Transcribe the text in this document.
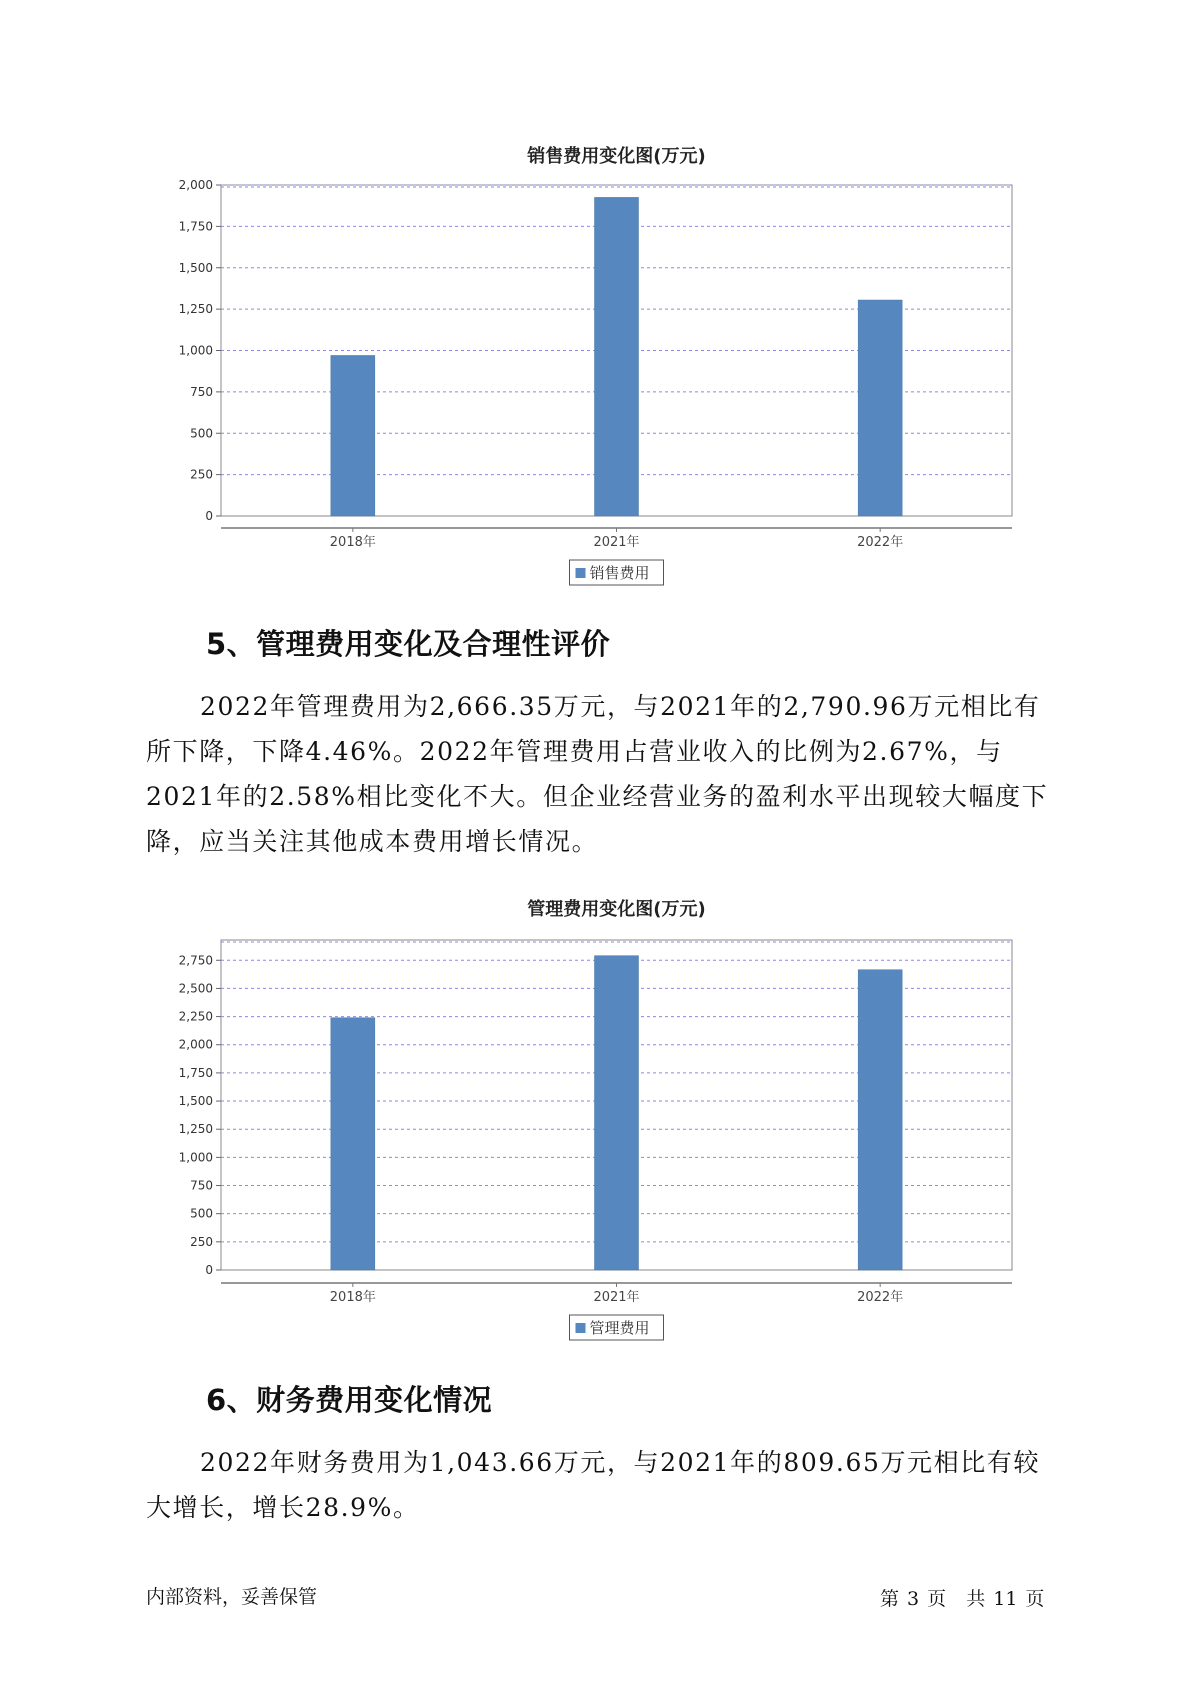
销售费用变化图(万元)
0
250
500
750
1,000
1,250
1,500
1,750
2,000
2018年	2021年	2022年
销售费用
5、管理费用变化及合理性评价

2022年管理费用为2,666.35万元，与2021年的2,790.96万元相比有所下降，下降4.46%。2022年管理费用占营业收入的比例为2.67%，与2021年的2.58%相比变化不大。但企业经营业务的盈利水平出现较大幅度下降，应当关注其他成本费用增长情况。

管理费用变化图(万元)
0
250
500
750
1,000
1,250
1,500
1,750
2,000
2,250
2,500
2,750
2018年	2021年	2022年
管理费用
6、财务费用变化情况

2022年财务费用为1,043.66万元，与2021年的809.65万元相比有较大增长，增长28.9%。

内部资料，妥善保管	第 3 页 共 11 页
